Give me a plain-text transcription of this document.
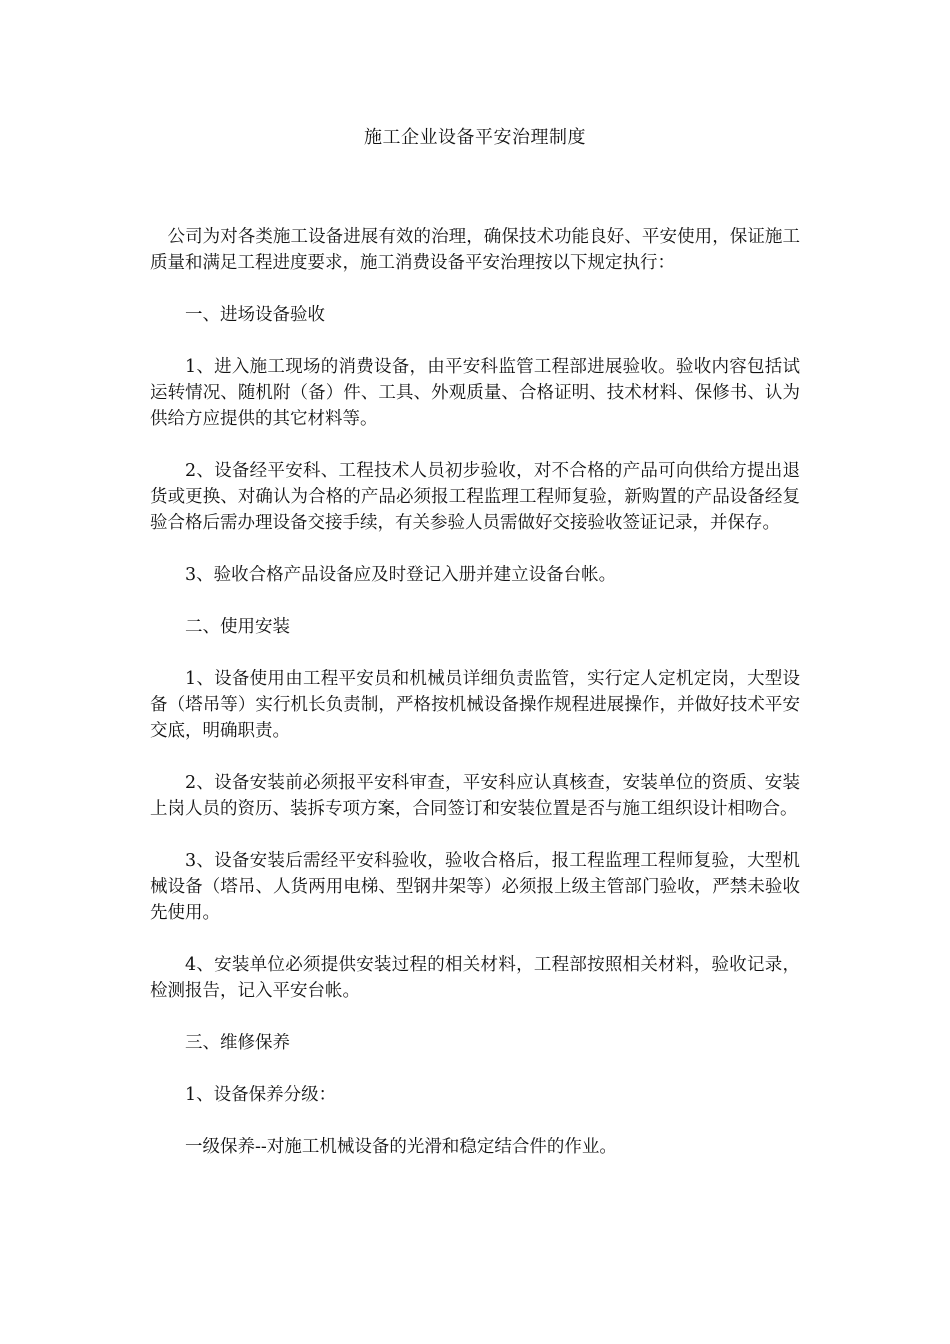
施工企业设备平安治理制度

公司为对各类施工设备进展有效的治理，确保技术功能良好、平安使用，保证施工质量和满足工程进度要求，施工消费设备平安治理按以下规定执行：

一、进场设备验收

1、进入施工现场的消费设备，由平安科监管工程部进展验收。验收内容包括试运转情况、随机附（备）件、工具、外观质量、合格证明、技术材料、保修书、认为供给方应提供的其它材料等。

2、设备经平安科、工程技术人员初步验收，对不合格的产品可向供给方提出退货或更换、对确认为合格的产品必须报工程监理工程师复验，新购置的产品设备经复验合格后需办理设备交接手续，有关参验人员需做好交接验收签证记录，并保存。

3、验收合格产品设备应及时登记入册并建立设备台帐。

二、使用安装

1、设备使用由工程平安员和机械员详细负责监管，实行定人定机定岗，大型设备（塔吊等）实行机长负责制，严格按机械设备操作规程进展操作，并做好技术平安交底，明确职责。

2、设备安装前必须报平安科审查，平安科应认真核查，安装单位的资质、安装上岗人员的资历、装拆专项方案，合同签订和安装位置是否与施工组织设计相吻合。

3、设备安装后需经平安科验收，验收合格后，报工程监理工程师复验，大型机械设备（塔吊、人货两用电梯、型钢井架等）必须报上级主管部门验收，严禁未验收先使用。

4、安装单位必须提供安装过程的相关材料，工程部按照相关材料，验收记录，检测报告，记入平安台帐。

三、维修保养

1、设备保养分级：

一级保养--对施工机械设备的光滑和稳定结合件的作业。
